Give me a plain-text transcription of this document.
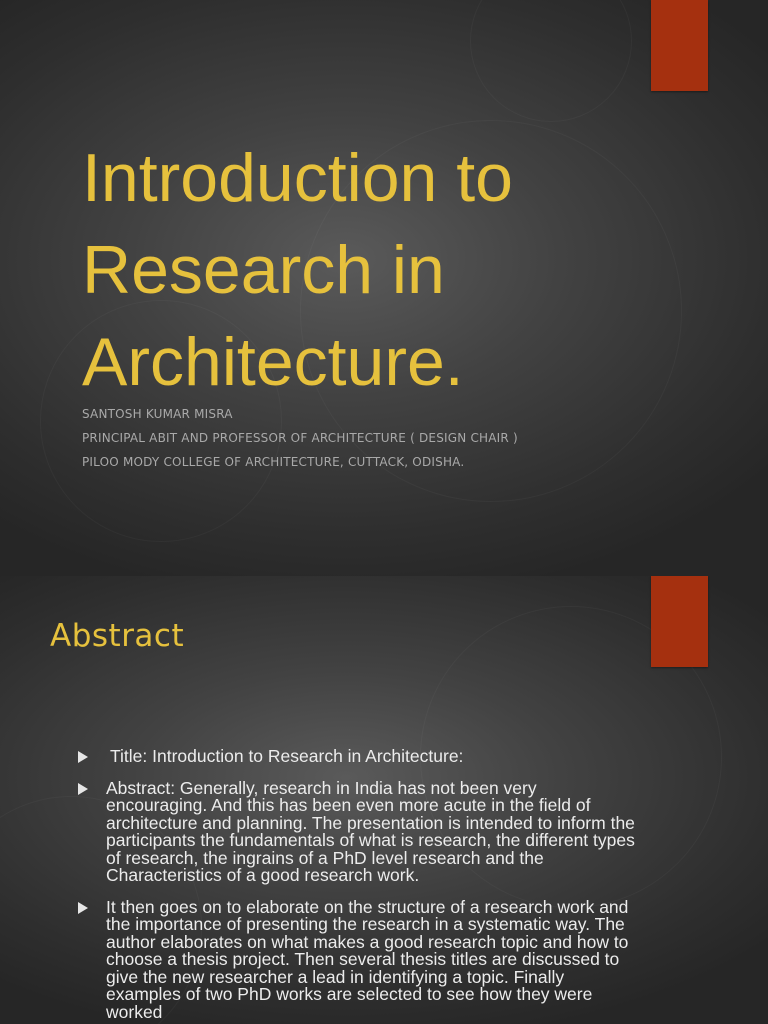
Introduction to
Research in
Architecture.
SANTOSH KUMAR MISRA
PRINCIPAL ABIT AND PROFESSOR OF ARCHITECTURE ( DESIGN CHAIR )
PILOO MODY COLLEGE OF ARCHITECTURE, CUTTACK, ODISHA.
Abstract
Title: Introduction to Research in Architecture:
Abstract: Generally, research in India has not been very encouraging. And this has been even more acute in the field of architecture and planning. The presentation is intended to inform the participants the fundamentals of what is research, the different types of research, the ingrains of a PhD level research and the Characteristics of a good research work.
It then goes on to elaborate on the structure of a research work and the importance of presenting the research in a systematic way. The author elaborates on what makes a good research topic and how to choose a thesis project. Then several thesis titles are discussed to give the new researcher a lead in identifying a topic. Finally examples of two PhD works are selected to see how they were worked
